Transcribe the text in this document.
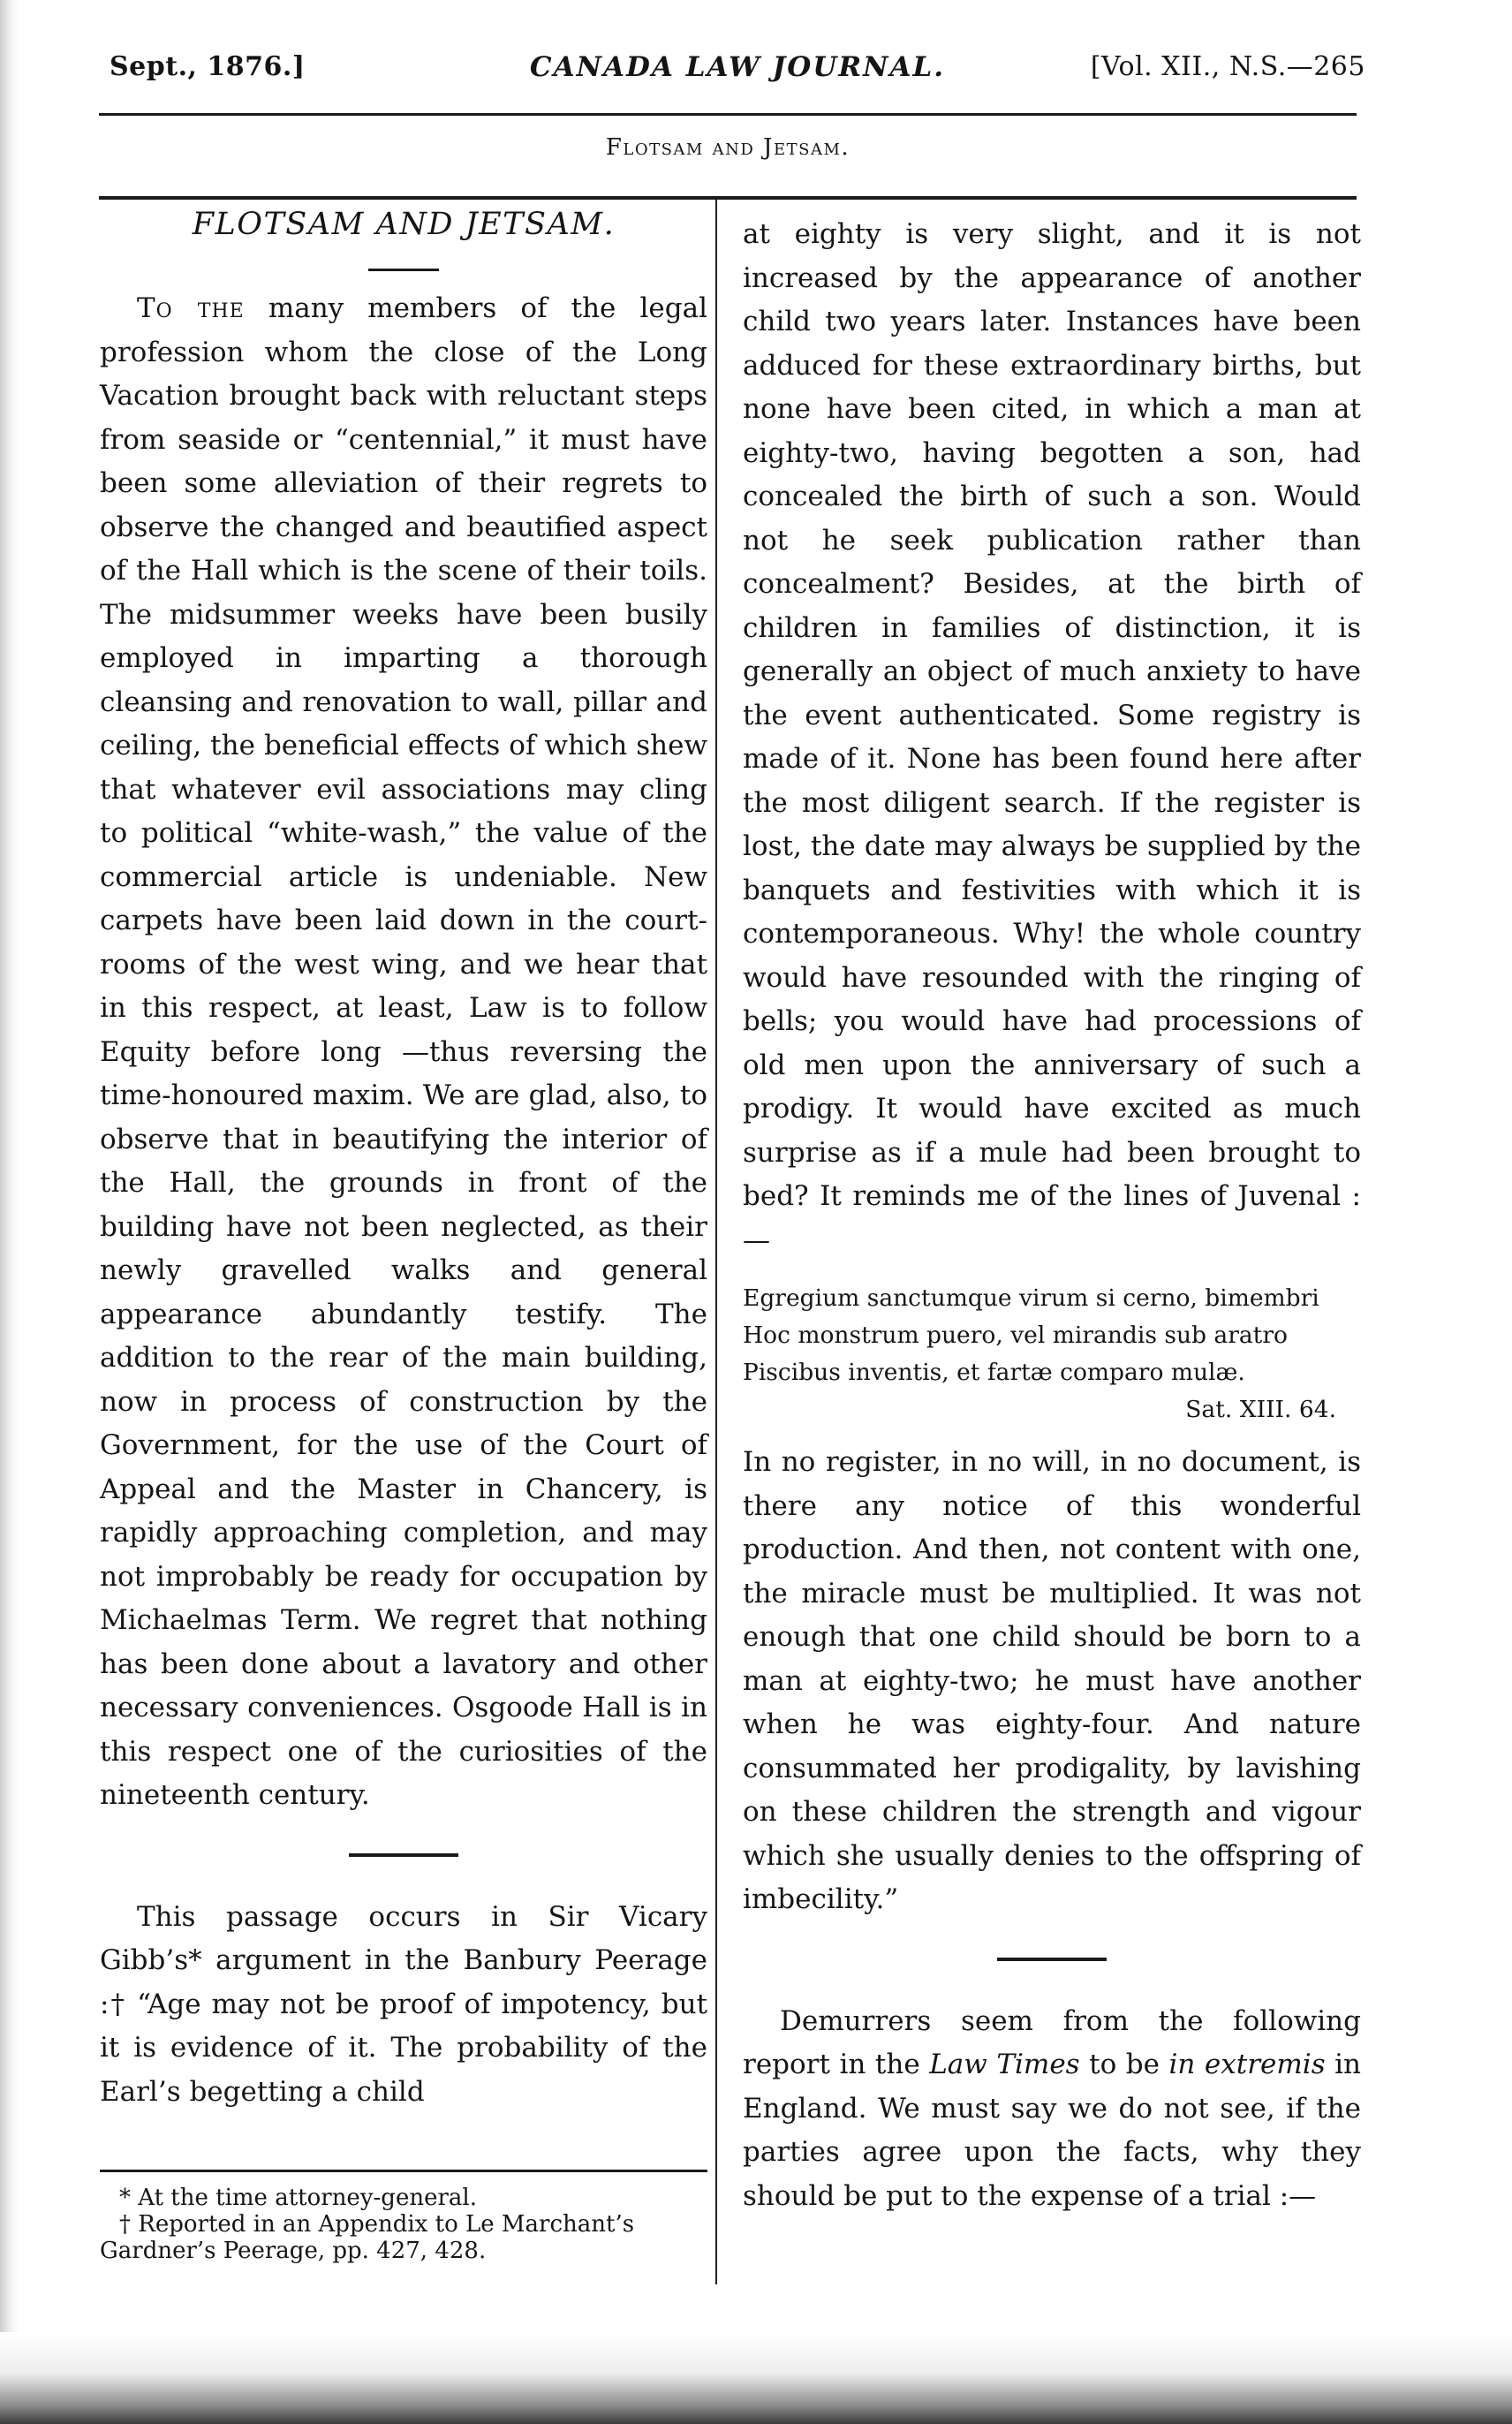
Sept., 1876.]	CANADA LAW JOURNAL.	[Vol. XII., N.S.—265
Flotsam and Jetsam.
FLOTSAM AND JETSAM.

To the many members of the legal profession whom the close of the Long Vacation brought back with reluctant steps from seaside or “centennial,” it must have been some alleviation of their regrets to observe the changed and beautified aspect of the Hall which is the scene of their toils. The midsummer weeks have been busily employed in imparting a thorough cleansing and renovation to wall, pillar and ceiling, the beneficial effects of which shew that whatever evil associations may cling to political “white-wash,” the value of the commercial article is undeniable. New carpets have been laid down in the court-rooms of the west wing, and we hear that in this respect, at least, Law is to follow Equity before long —thus reversing the time-honoured maxim. We are glad, also, to observe that in beautifying the interior of the Hall, the grounds in front of the building have not been neglected, as their newly gravelled walks and general appearance abundantly testify. The addition to the rear of the main building, now in process of construction by the Government, for the use of the Court of Appeal and the Master in Chancery, is rapidly approaching completion, and may not improbably be ready for occupation by Michaelmas Term. We regret that nothing has been done about a lavatory and other necessary conveniences. Osgoode Hall is in this respect one of the curiosities of the nineteenth century.

This passage occurs in Sir Vicary Gibb’s* argument in the Banbury Peerage :† “Age may not be proof of impotency, but it is evidence of it. The probability of the Earl’s begetting a child

* At the time attorney-general.

† Reported in an Appendix to Le Marchant’s Gardner’s Peerage, pp. 427, 428.

at eighty is very slight, and it is not increased by the appearance of another child two years later. Instances have been adduced for these extraordinary births, but none have been cited, in which a man at eighty-two, having begotten a son, had concealed the birth of such a son. Would not he seek publication rather than concealment? Besides, at the birth of children in families of distinction, it is generally an object of much anxiety to have the event authenticated. Some registry is made of it. None has been found here after the most diligent search. If the register is lost, the date may always be supplied by the banquets and festivities with which it is contemporaneous. Why! the whole country would have resounded with the ringing of bells; you would have had processions of old men upon the anniversary of such a prodigy. It would have excited as much surprise as if a mule had been brought to bed? It reminds me of the lines of Juvenal :—

Egregium sanctumque virum si cerno, bimembri
Hoc monstrum puero, vel mirandis sub aratro
Piscibus inventis, et fartæ comparo mulæ.
Sat. XIII. 64.

In no register, in no will, in no document, is there any notice of this wonderful production. And then, not content with one, the miracle must be multiplied. It was not enough that one child should be born to a man at eighty-two; he must have another when he was eighty-four. And nature consummated her prodigality, by lavishing on these children the strength and vigour which she usually denies to the offspring of imbecility.”

Demurrers seem from the following report in the Law Times to be in extremis in England. We must say we do not see, if the parties agree upon the facts, why they should be put to the expense of a trial :—
